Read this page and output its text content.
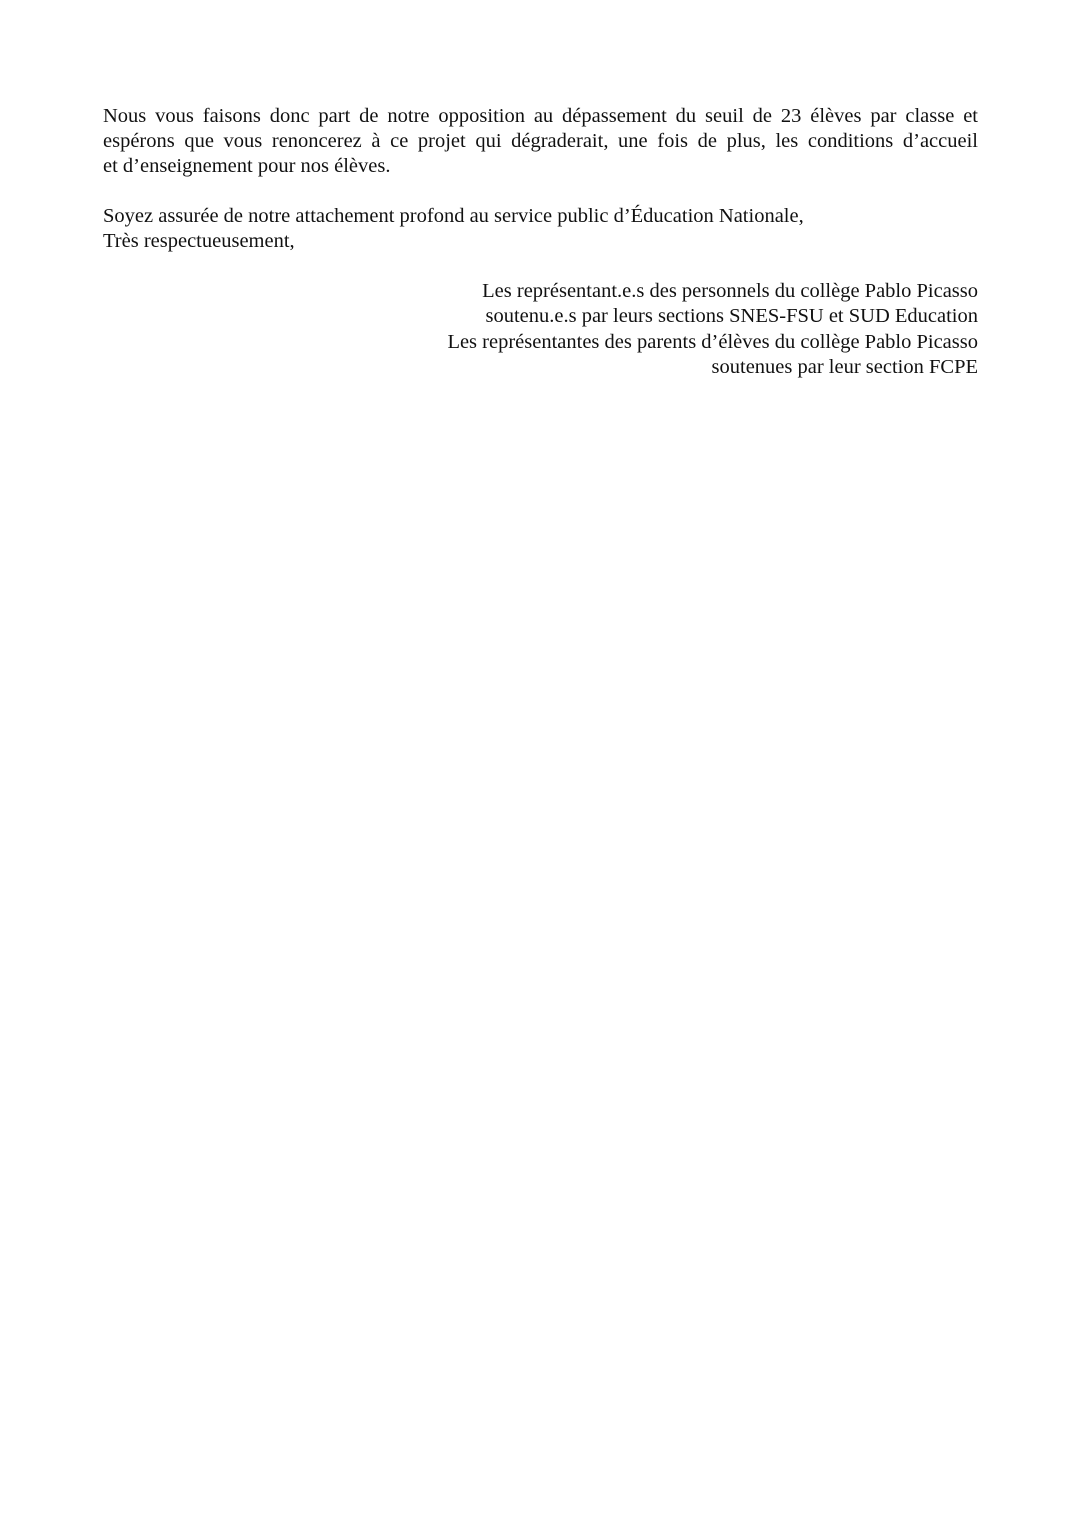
Nous vous faisons donc part de notre opposition au dépassement du seuil de 23 élèves par classe et
espérons que vous renoncerez à ce projet qui dégraderait, une fois de plus, les conditions d’accueil
et d’enseignement pour nos élèves.
Soyez assurée de notre attachement profond au service public d’Éducation Nationale,
Très respectueusement,
Les représentant.e.s des personnels du collège Pablo Picasso
soutenu.e.s par leurs sections SNES-FSU et SUD Education
Les représentantes des parents d’élèves du collège Pablo Picasso
soutenues par leur section FCPE
